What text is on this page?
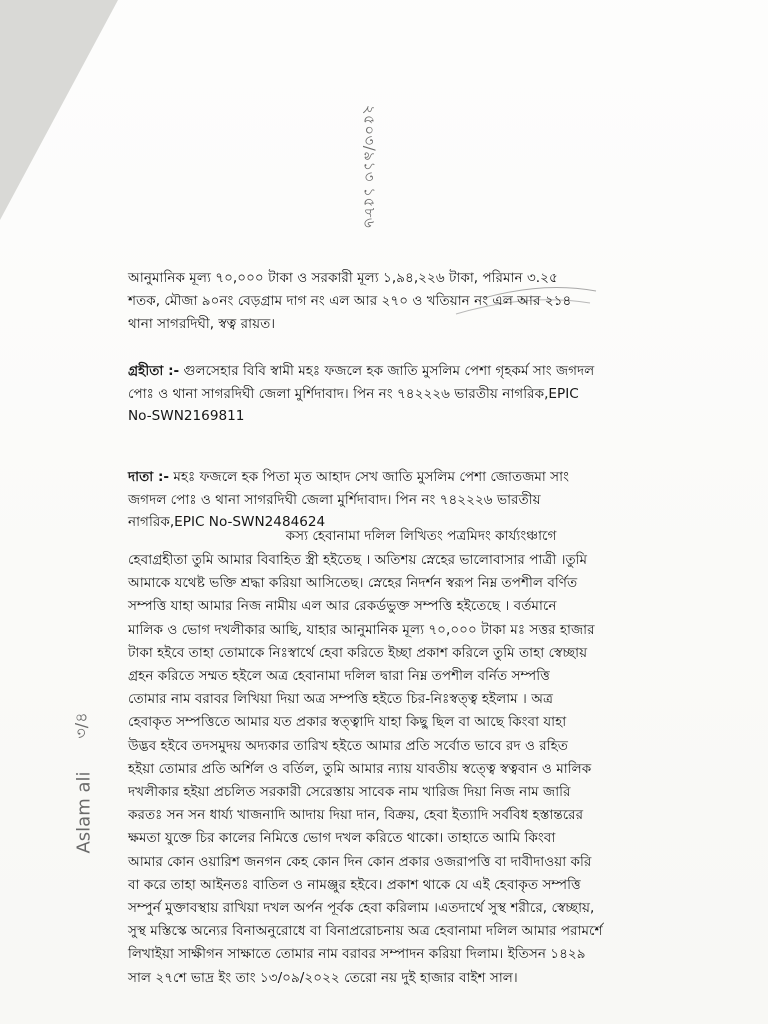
২৫০৩/৯১৩ ১৫৮৬
Aslam ali
৩/৪

আনুমানিক মূল্য ৭০,০০০ টাকা ও সরকারী মূল্য ১,৯৪,২২৬ টাকা, পরিমান ৩.২৫
শতক, মৌজা ৯০নং বেড়গ্রাম দাগ নং এল আর ২৭০ ও খতিয়ান নং এল আর ২১৪
থানা সাগরদিঘী, স্বত্ব রায়ত।

গ্রহীতা :- গুলসেহার বিবি স্বামী মহঃ ফজলে হক জাতি মুসলিম পেশা গৃহকর্ম সাং জগদল
পোঃ ও থানা সাগরদিঘী জেলা মুর্শিদাবাদ। পিন নং ৭৪২২২৬ ভারতীয় নাগরিক,EPIC
No-SWN2169811

দাতা :- মহঃ ফজলে হক পিতা মৃত আহাদ সেখ জাতি মুসলিম পেশা জোতজমা সাং
জগদল পোঃ ও থানা সাগরদিঘী জেলা মুর্শিদাবাদ। পিন নং ৭৪২২২৬ ভারতীয়
নাগরিক,EPIC No-SWN2484624

কস্য হেবানামা দলিল লিখিতং পত্রমিদং কার্য্যংঞ্চাগে
হেবাগ্রহীতা তুমি আমার বিবাহিত স্ত্রী হইতেছ । অতিশয় স্নেহের ভালোবাসার পাত্রী ।তুমি
আমাকে যথেষ্ট ভক্তি শ্রদ্ধা করিয়া আসিতেছ। স্নেহের নিদর্শন স্বরূপ নিম্ন তপশীল বর্ণিত
সম্পত্তি যাহা আমার নিজ নামীয় এল আর রেকর্ডভুক্ত সম্পত্তি হইতেছে । বর্তমানে
মালিক ও ভোগ দখলীকার আছি, যাহার আনুমানিক মূল্য ৭০,০০০ টাকা মঃ সত্তর হাজার
টাকা হইবে তাহা তোমাকে নিঃস্বার্থে হেবা করিতে ইচ্ছা প্রকাশ করিলে তুমি তাহা স্বেচ্ছায়
গ্রহন করিতে সম্মত হইলে অত্র হেবানামা দলিল দ্বারা নিম্ন তপশীল বর্নিত সম্পত্তি
তোমার নাম বরাবর লিখিয়া দিয়া অত্র সম্পত্তি হইতে চির-নিঃস্বত্ত্ব হইলাম । অত্র
হেবাকৃত সম্পত্তিতে আমার যত প্রকার স্বত্ত্বাদি যাহা কিছু ছিল বা আছে কিংবা যাহা
উদ্ভব হইবে তদসমুদয় অদ্যকার তারিখ হইতে আমার প্রতি সর্বোত ভাবে রদ ও রহিত
হইয়া তোমার প্রতি অর্শিল ও বর্তিল, তুমি আমার ন্যায় যাবতীয় স্বত্ত্বে স্বত্ববান ও মালিক
দখলীকার হইয়া প্রচলিত সরকারী সেরেস্তায় সাবেক নাম খারিজ দিয়া নিজ নাম জারি
করতঃ সন সন ধার্য্য খাজনাদি আদায় দিয়া দান, বিক্রয়, হেবা ইত্যাদি সর্ববিধ হস্তান্তরের
ক্ষমতা যুক্তে চির কালের নিমিত্তে ভোগ দখল করিতে থাকো। তাহাতে আমি কিংবা
আমার কোন ওয়ারিশ জনগন কেহ কোন দিন কোন প্রকার ওজরাপত্তি বা দাবীদাওয়া করি
বা করে তাহা আইনতঃ বাতিল ও নামঞ্জুর হইবে। প্রকাশ থাকে যে এই হেবাকৃত সম্পত্তি
সম্পুর্ন মুক্তাবস্থায় রাখিয়া দখল অর্পন পূর্বক হেবা করিলাম ।এতদার্থে সুস্থ শরীরে, স্বেচ্ছায়,
সুস্থ মস্তিস্কে অন্যের বিনাঅনুরোধে বা বিনাপ্ররোচনায় অত্র হেবানামা দলিল আমার পরামর্শে
লিখাইয়া সাক্ষীগন সাক্ষাতে তোমার নাম বরাবর সম্পাদন করিয়া দিলাম। ইতিসন ১৪২৯
সাল ২৭শে ভাদ্র ইং তাং ১৩/০৯/২০২২ তেরো নয় দুই হাজার বাইশ সাল।
